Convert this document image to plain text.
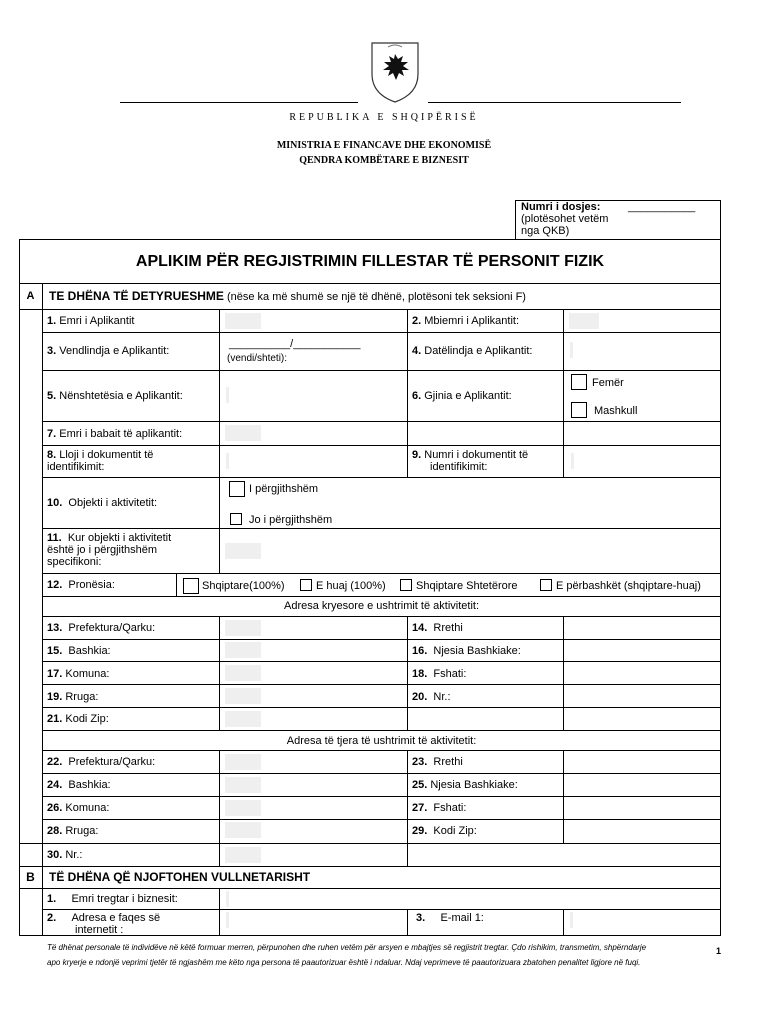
REPUBLIKA E SHQIPËRISË
MINISTRIA E FINANCAVE DHE EKONOMISË
QENDRA KOMBËTARE E BIZNESIT
Numri i dosjes:	___________
(plotësohet vetëm
nga QKB)
APLIKIM PËR REGJISTRIMIN FILLESTAR TË PERSONIT FIZIK
A	TE DHËNA TË DETYRUESHME (nëse ka më shumë se një të dhënë, plotësoni tek seksioni F)
1. Emri i Aplikantit	2. Mbiemri i Aplikantit:
3. Vendlindja e Aplikantit:
__________/___________
(vendi/shteti):
4. Datëlindja e Aplikantit:
5. Nënshtetësia e Aplikantit:	6. Gjinia e Aplikantit:
Femër
Mashkull
7. Emri i babait të aplikantit:
8. Lloji i dokumentit të
identifikimit:
9. Numri i dokumentit të
identifikimit:
10. Objekti i aktivitetit:
I përgjithshëm
Jo i përgjithshëm
11. Kur objekti i aktivitetit
është jo i përgjithshëm
specifikoni:
12. Pronësia:	Shqiptare(100%)	E huaj (100%)	Shqiptare Shtetërore	E përbashkët (shqiptare-huaj)
Adresa kryesore e ushtrimit të aktivitetit:
13. Prefektura/Qarku:	14. Rrethi
15. Bashkia:	16. Njesia Bashkiake:
17. Komuna:	18. Fshati:
19. Rruga:	20. Nr.:
21. Kodi Zip:
Adresa të tjera të ushtrimit të aktivitetit:
22. Prefektura/Qarku:	23. Rrethi
24. Bashkia:	25. Njesia Bashkiake:
26. Komuna:	27. Fshati:
28. Rruga:	29. Kodi Zip:
30. Nr.:
B	TË DHËNA QË NJOFTOHEN VULLNETARISHT
1. Emri tregtar i biznesit:
2. Adresa e faqes së
internetit :
3. E-mail 1:
Të dhënat personale të individëve në këtë formuar merren, përpunohen dhe ruhen vetëm për arsyen e mbajtjes së regjistrit tregtar. Çdo rishikim, transmetim, shpërndarje
apo kryerje e ndonjë veprimi tjetër të ngjashëm me këto nga persona të paautorizuar është i ndaluar. Ndaj veprimeve të paautorizuara zbatohen penalitet ligjore në fuqi.
1
